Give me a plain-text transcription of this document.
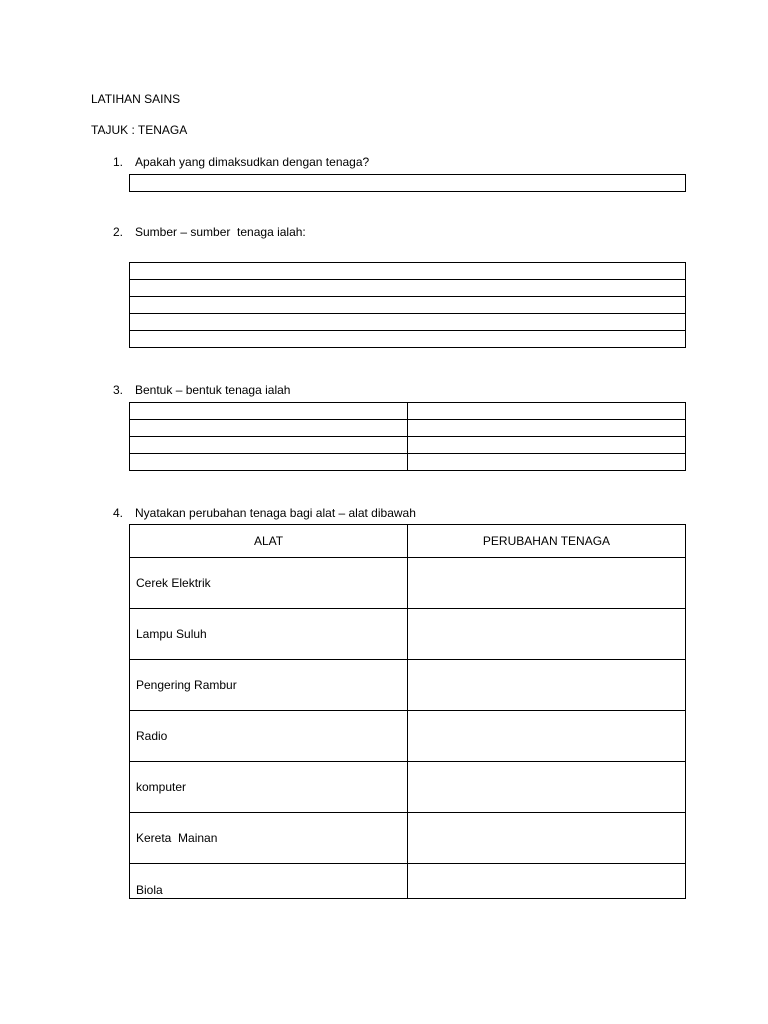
LATIHAN SAINS
TAJUK : TENAGA
1. Apakah yang dimaksudkan dengan tenaga?
2. Sumber – sumber  tenaga ialah:

3. Bentuk – bentuk tenaga ialah

4. Nyatakan perubahan tenaga bagi alat – alat dibawah
ALAT	PERUBAHAN TENAGA
Cerek Elektrik	
Lampu Suluh	
Pengering Rambur	
Radio	
komputer	
Kereta  Mainan	
Biola	
